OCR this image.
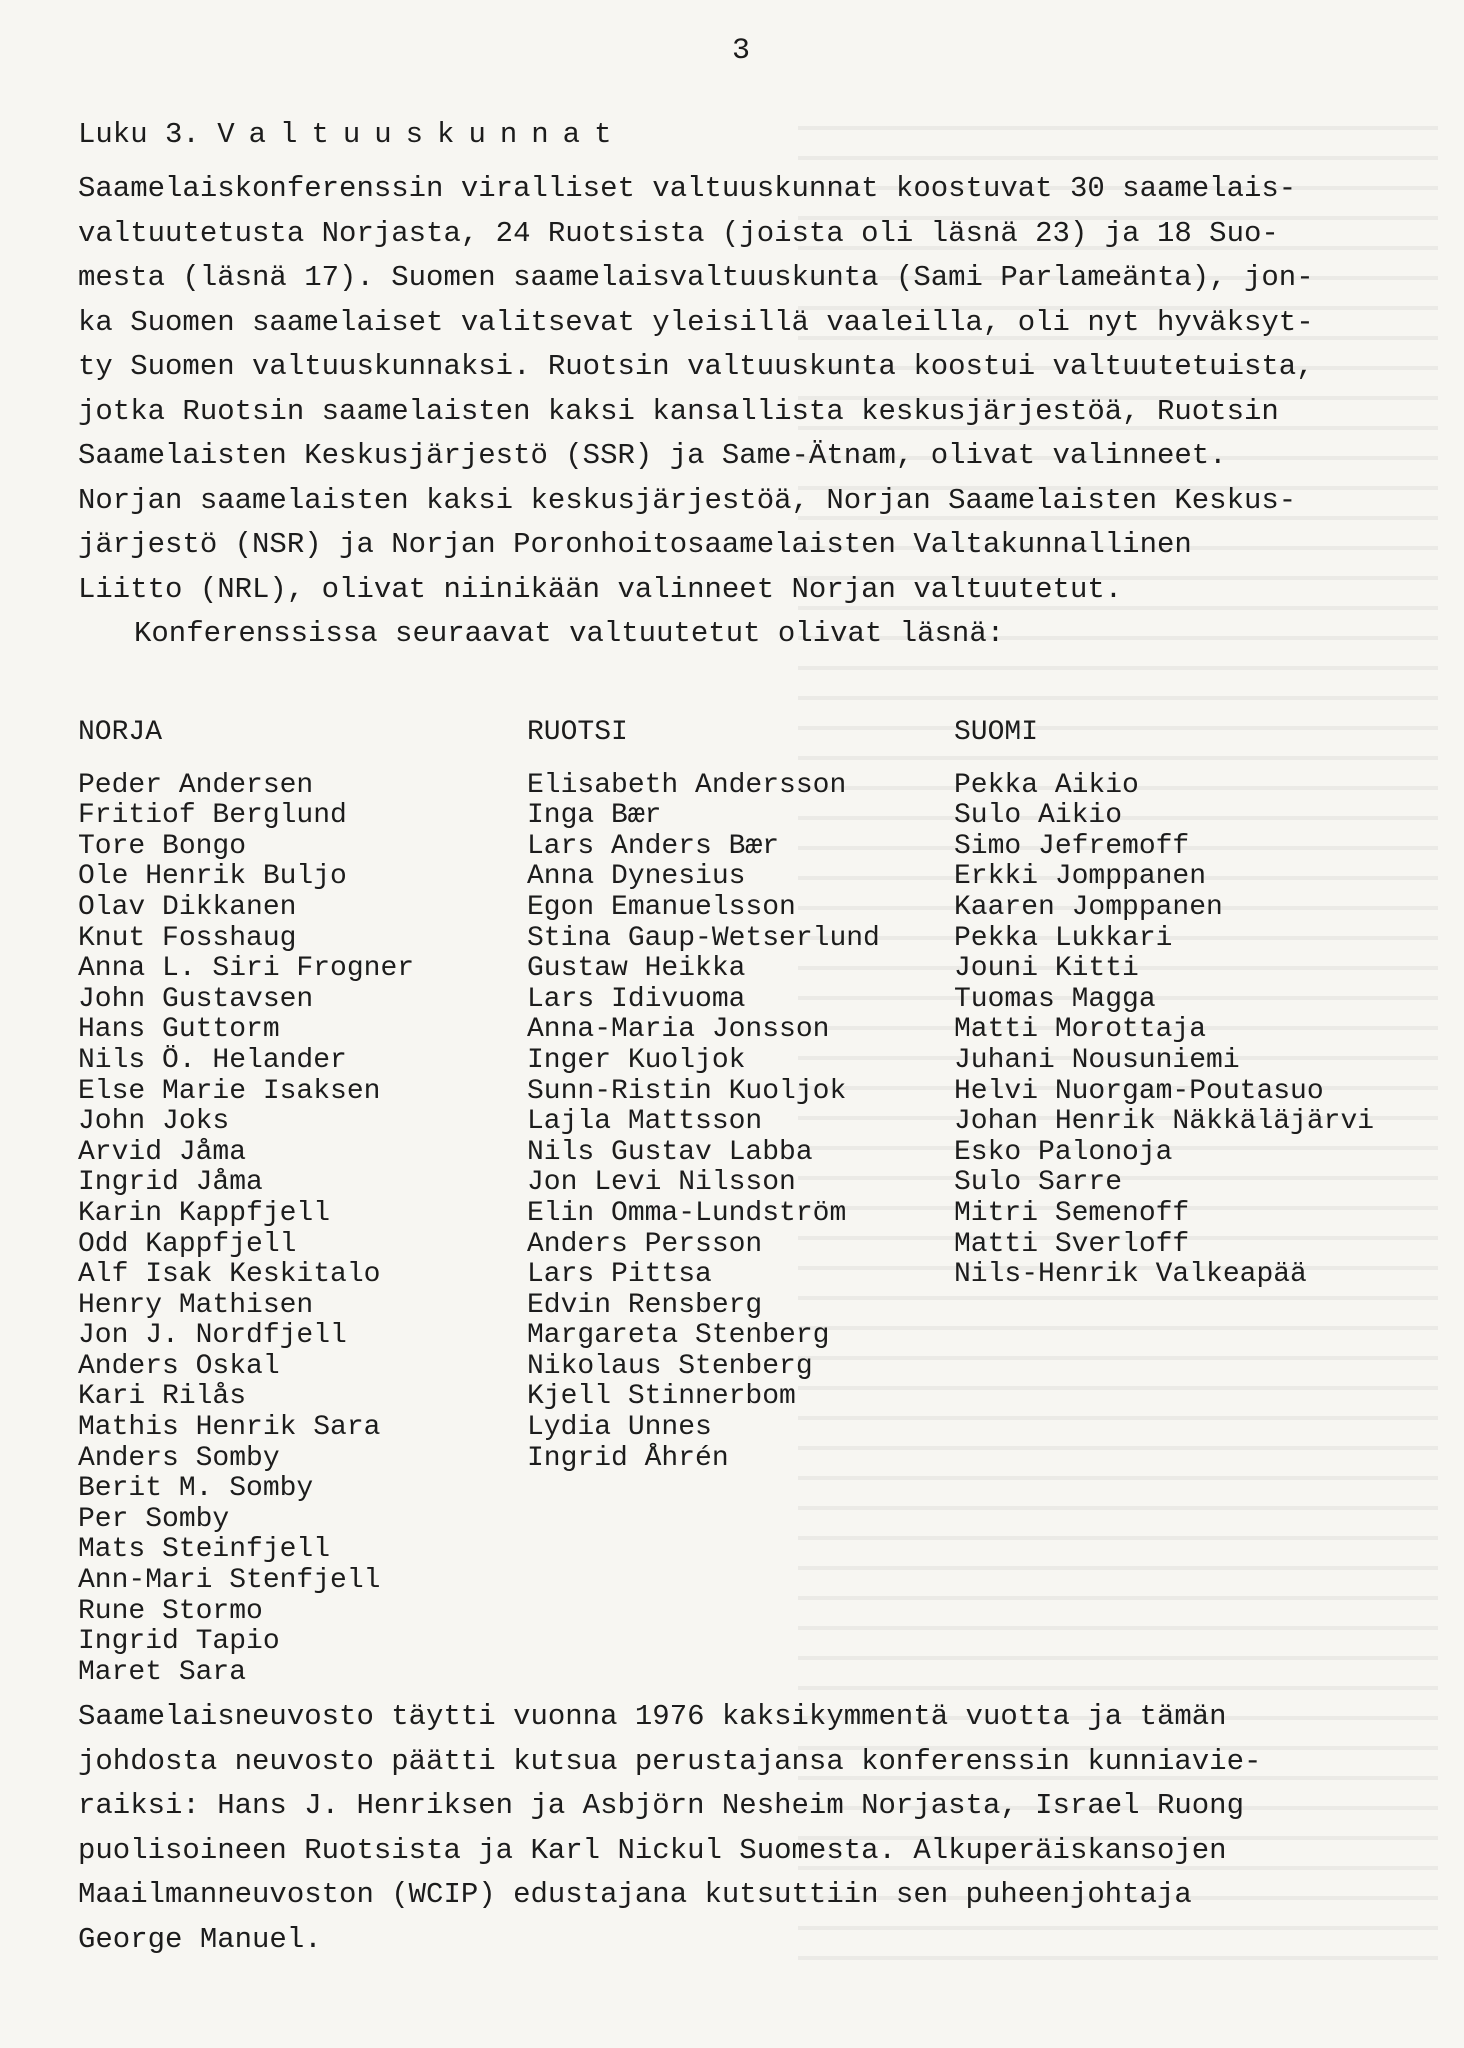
3
Luku 3. Valtuuskunnat

Saamelaiskonferenssin viralliset valtuuskunnat koostuvat 30 saamelais-

valtuutetusta Norjasta, 24 Ruotsista (joista oli läsnä 23) ja 18 Suo-

mesta (läsnä 17). Suomen saamelaisvaltuuskunta (Sami Parlameänta), jon-

ka Suomen saamelaiset valitsevat yleisillä vaaleilla, oli nyt hyväksyt-

ty Suomen valtuuskunnaksi. Ruotsin valtuuskunta koostui valtuutetuista,

jotka Ruotsin saamelaisten kaksi kansallista keskusjärjestöä, Ruotsin

Saamelaisten Keskusjärjestö (SSR) ja Same-Ätnam, olivat valinneet.

Norjan saamelaisten kaksi keskusjärjestöä, Norjan Saamelaisten Keskus-

järjestö (NSR) ja Norjan Poronhoitosaamelaisten Valtakunnallinen

Liitto (NRL), olivat niinikään valinneet Norjan valtuutetut.

Konferenssissa seuraavat valtuutetut olivat läsnä:

NORJA
Peder Andersen
Fritiof Berglund
Tore Bongo
Ole Henrik Buljo
Olav Dikkanen
Knut Fosshaug
Anna L. Siri Frogner
John Gustavsen
Hans Guttorm
Nils Ö. Helander
Else Marie Isaksen
John Joks
Arvid Jåma
Ingrid Jåma
Karin Kappfjell
Odd Kappfjell
Alf Isak Keskitalo
Henry Mathisen
Jon J. Nordfjell
Anders Oskal
Kari Rilås
Mathis Henrik Sara
Anders Somby
Berit M. Somby
Per Somby
Mats Steinfjell
Ann-Mari Stenfjell
Rune Stormo
Ingrid Tapio
Maret Sara
RUOTSI
Elisabeth Andersson
Inga Bær
Lars Anders Bær
Anna Dynesius
Egon Emanuelsson
Stina Gaup-Wetserlund
Gustaw Heikka
Lars Idivuoma
Anna-Maria Jonsson
Inger Kuoljok
Sunn-Ristin Kuoljok
Lajla Mattsson
Nils Gustav Labba
Jon Levi Nilsson
Elin Omma-Lundström
Anders Persson
Lars Pittsa
Edvin Rensberg
Margareta Stenberg
Nikolaus Stenberg
Kjell Stinnerbom
Lydia Unnes
Ingrid Åhrén
SUOMI
Pekka Aikio
Sulo Aikio
Simo Jefremoff
Erkki Jomppanen
Kaaren Jomppanen
Pekka Lukkari
Jouni Kitti
Tuomas Magga
Matti Morottaja
Juhani Nousuniemi
Helvi Nuorgam-Poutasuo
Johan Henrik Näkkäläjärvi
Esko Palonoja
Sulo Sarre
Mitri Semenoff
Matti Sverloff
Nils-Henrik Valkeapää

Saamelaisneuvosto täytti vuonna 1976 kaksikymmentä vuotta ja tämän

johdosta neuvosto päätti kutsua perustajansa konferenssin kunniavie-

raiksi: Hans J. Henriksen ja Asbjörn Nesheim Norjasta, Israel Ruong

puolisoineen Ruotsista ja Karl Nickul Suomesta. Alkuperäiskansojen

Maailmanneuvoston (WCIP) edustajana kutsuttiin sen puheenjohtaja

George Manuel.
